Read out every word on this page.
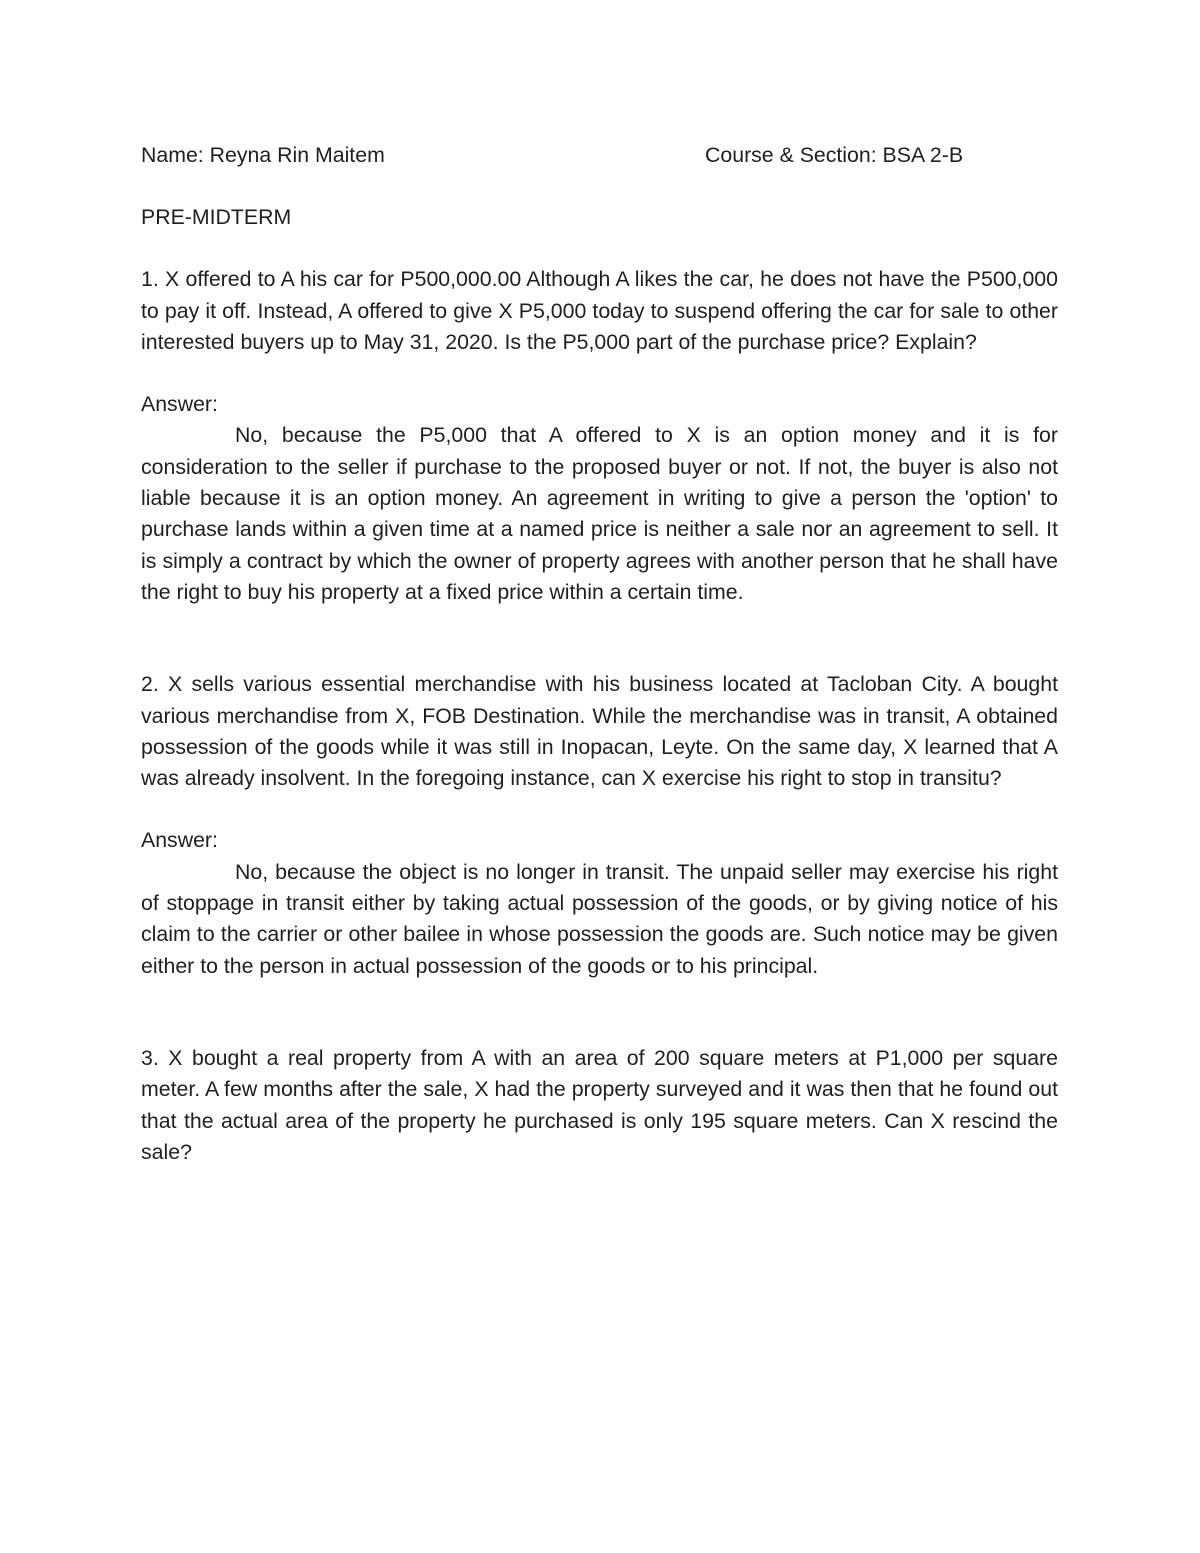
Name: Reyna Rin Maitem	Course & Section: BSA 2-B
PRE-MIDTERM

1. X offered to A his car for P500,000.00 Although A likes the car, he does not have the P500,000 to pay it off. Instead, A offered to give X P5,000 today to suspend offering the car for sale to other interested buyers up to May 31, 2020. Is the P5,000 part of the purchase price? Explain?

Answer:

No, because the P5,000 that A offered to X is an option money and it is for consideration to the seller if purchase to the proposed buyer or not. If not, the buyer is also not liable because it is an option money. An agreement in writing to give a person the 'option' to purchase lands within a given time at a named price is neither a sale nor an agreement to sell. It is simply a contract by which the owner of property agrees with another person that he shall have the right to buy his property at a fixed price within a certain time.

2. X sells various essential merchandise with his business located at Tacloban City. A bought various merchandise from X, FOB Destination. While the merchandise was in transit, A obtained possession of the goods while it was still in Inopacan, Leyte. On the same day, X learned that A was already insolvent. In the foregoing instance, can X exercise his right to stop in transitu?

Answer:

No, because the object is no longer in transit. The unpaid seller may exercise his right of stoppage in transit either by taking actual possession of the goods, or by giving notice of his claim to the carrier or other bailee in whose possession the goods are. Such notice may be given either to the person in actual possession of the goods or to his principal.

3. X bought a real property from A with an area of 200 square meters at P1,000 per square meter. A few months after the sale, X had the property surveyed and it was then that he found out that the actual area of the property he purchased is only 195 square meters. Can X rescind the sale?
